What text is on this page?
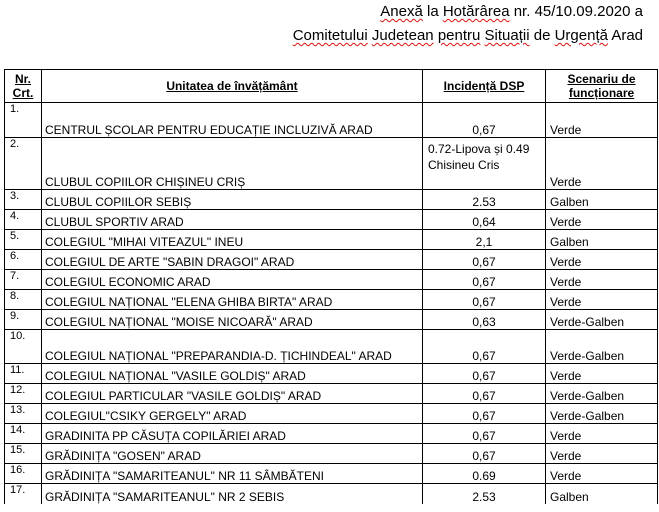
Anexă la Hotărârea nr. 45/10.09.2020 a
Comitetului Judetean pentru Situații de Urgență Arad
Nr. Crt.	Unitatea de învățământ	Incidență DSP	Scenariu de funcționare
1.	CENTRUL ȘCOLAR PENTRU EDUCAȚIE INCLUZIVĂ ARAD	0,67	Verde
2.	CLUBUL COPIILOR CHIȘINEU CRIȘ	0.72-Lipova și 0.49 Chisineu Cris	Verde
3.	CLUBUL COPIILOR SEBIȘ	2.53	Galben
4.	CLUBUL SPORTIV ARAD	0,64	Verde
5.	COLEGIUL "MIHAI VITEAZUL" INEU	2,1	Galben
6.	COLEGIUL DE ARTE "SABIN DRAGOI" ARAD	0,67	Verde
7.	COLEGIUL ECONOMIC ARAD	0,67	Verde
8.	COLEGIUL NAȚIONAL "ELENA GHIBA BIRTA" ARAD	0,67	Verde
9.	COLEGIUL NAȚIONAL "MOISE NICOARĂ" ARAD	0,63	Verde-Galben
10.	COLEGIUL NAȚIONAL "PREPARANDIA-D. ȚICHINDEAL" ARAD	0,67	Verde-Galben
11.	COLEGIUL NAȚIONAL "VASILE GOLDIȘ" ARAD	0,67	Verde
12.	COLEGIUL PARTICULAR "VASILE GOLDIȘ" ARAD	0,67	Verde-Galben
13.	COLEGIUL"CSIKY GERGELY" ARAD	0,67	Verde-Galben
14.	GRADINITA PP CĂSUȚA COPILĂRIEI ARAD	0,67	Verde
15.	GRĂDINIȚA "GOSEN" ARAD	0,67	Verde
16.	GRĂDINIȚA "SAMARITEANUL" NR 11 SÂMBĂTENI	0.69	Verde
17.	GRĂDINIȚA "SAMARITEANUL" NR 2 SEBIS	2.53	Galben
